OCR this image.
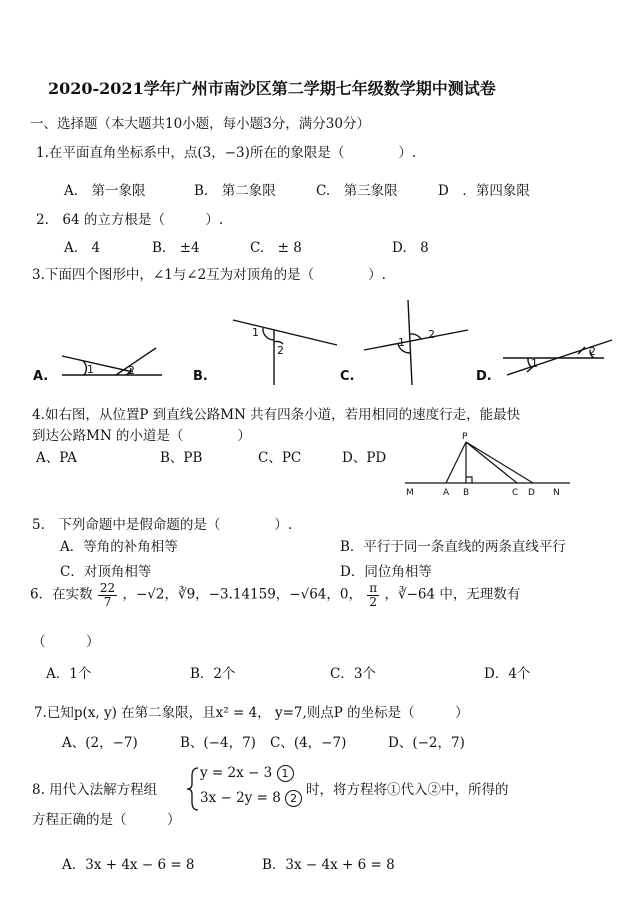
2020-2021学年广州市南沙区第二学期七年级数学期中测试卷
一、选择题（本大题共10小题，每小题3分，满分30分）
1.在平面直角坐标系中，点(3，−3)所在的象限是（　　　　）.
A.　第一象限	B.　第二象限	C.　第三象限	D　．第四象限
2.　64 的立方根是（　　　）.
A.　4	B.　±4	C.　± 8	D.　8
3.下面四个图形中，∠1与∠2互为对顶角的是（　　　　）.
1	2
1
2
1
2
1
2
A.	B.	C.	D.
4.如右图，从位置P 到直线公路MN 共有四条小道，若用相同的速度行走，能最快
到达公路MN 的小道是（　　　　）
A、PA	B、PB	C、PC	D、PD
P
M	A B	C D N
5.　下列命题中是假命题的是（　　　　）.
A．等角的补角相等	B．平行于同一条直线的两条直线平行
C．对顶角相等	D．同位角相等
6．在实数 $\frac{22}{7}$ ，−√2，∛9，−3.14159，−√64，0， $\frac{\pi}{2}$ ，∛−64 中，无理数有
（　　　）
A．1个	B．2个	C．3个	D．4个
7.已知p(x, y) 在第二象限，且x² = 4， y=7,则点P 的坐标是（　　　）
A、(2，−7)	B、(−4，7) C、(4，−7)	D、(−2，7)
8. 用代入法解方程组
y = 2x − 3 1
3x − 2y = 8 2
时，将方程将①代入②中，所得的
方程正确的是（　　　）
A．3x + 4x − 6 = 8	B．3x − 4x + 6 = 8
